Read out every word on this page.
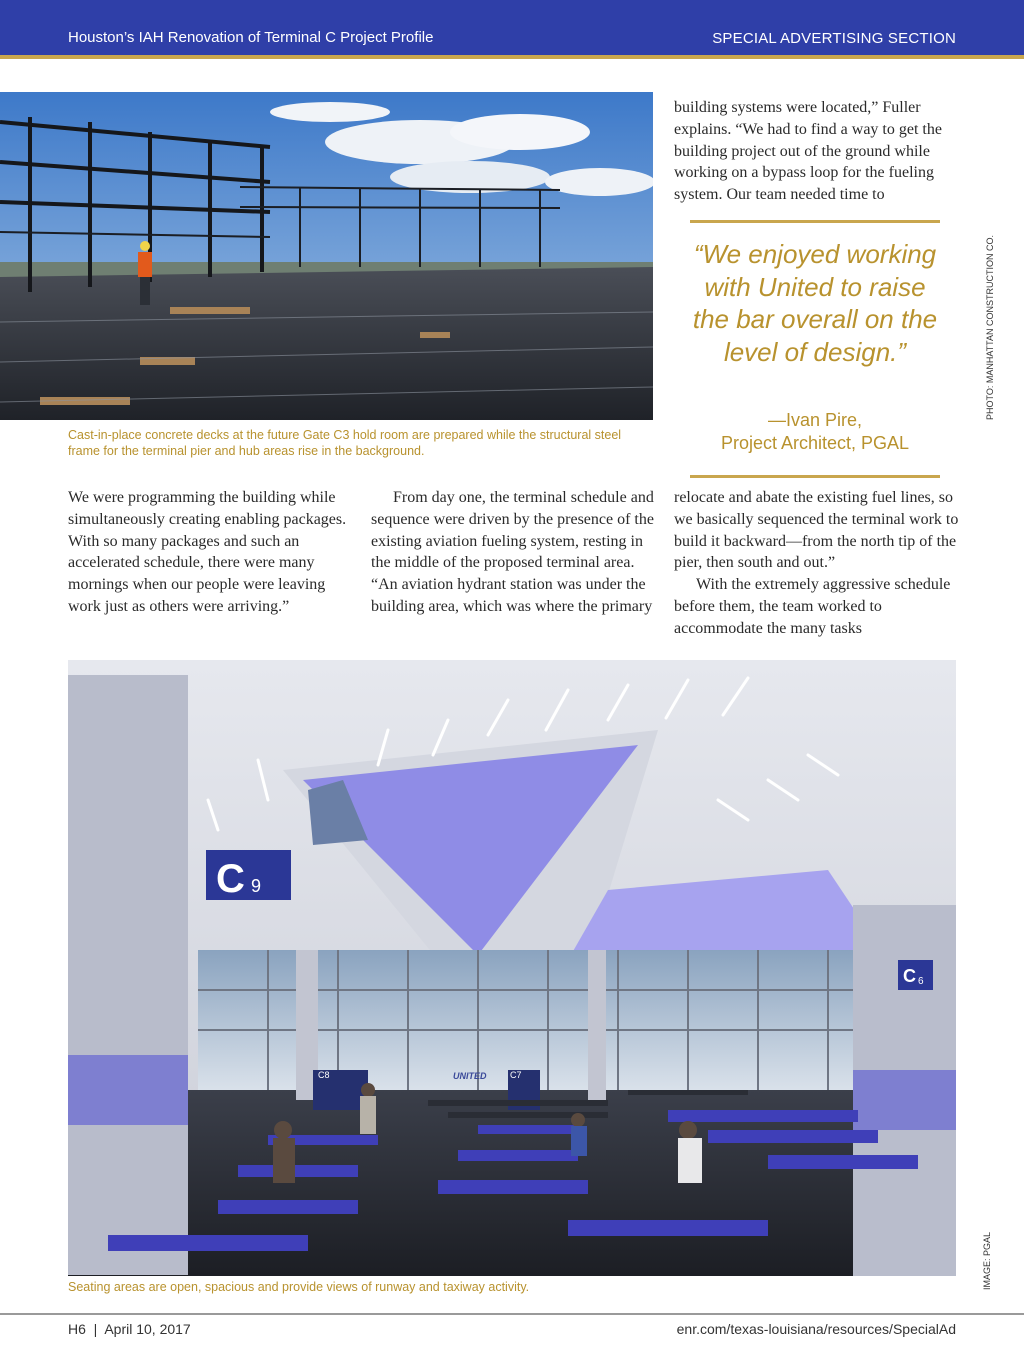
Houston’s IAH Renovation of Terminal C Project Profile	SPECIAL ADVERTISING SECTION
Cast-in-place concrete decks at the future Gate C3 hold room are prepared while the structural steel frame for the terminal pier and hub areas rise in the background.
building systems were located,” Fuller explains. “We had to find a way to get the building project out of the ground while working on a bypass loop for the fueling system. Our team needed time to
“We enjoyed working with United to raise the bar overall on the level of design.”
—Ivan Pire,
Project Architect, PGAL
PHOTO: MANHATTAN CONSTRUCTION CO.
IMAGE: PGAL

We were programming the building while simultaneously creating enabling packages. With so many packages and such an accelerated schedule, there were many mornings when our people were leaving work just as others were arriving.”

From day one, the terminal schedule and sequence were driven by the presence of the existing aviation fueling system, resting in the middle of the proposed terminal area. “An aviation hydrant station was under the building area, which was where the primary

relocate and abate the existing fuel lines, so we basically sequenced the terminal work to build it backward—from the north tip of the pier, then south and out.”

With the extremely aggressive schedule before them, the team worked to accommodate the many tasks

C 9
C 6
C8	C7
UNITED
Seating areas are open, spacious and provide views of runway and taxiway activity.
H6  |  April 10, 2017	enr.com/texas-louisiana/resources/SpecialAd
